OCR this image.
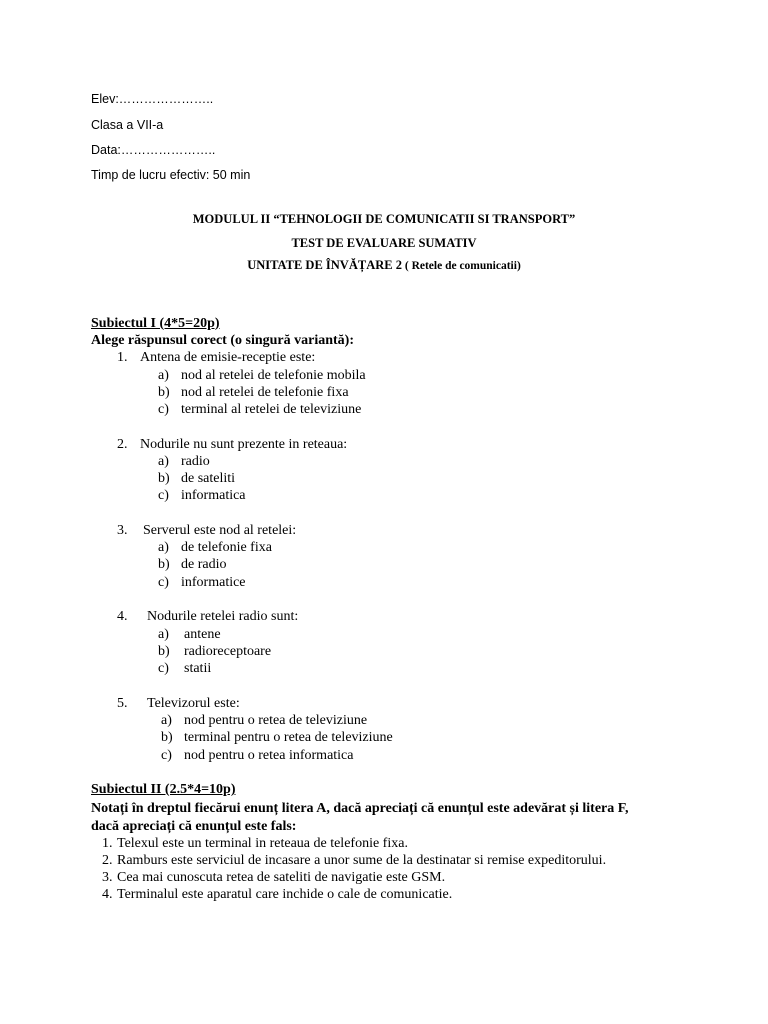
Elev:…………………..
Clasa a VII-a
Data:…………………..
Timp de lucru efectiv: 50 min
MODULUL II “TEHNOLOGII DE COMUNICATII SI TRANSPORT”
TEST DE EVALUARE SUMATIV
UNITATE DE ÎNVĂȚARE 2 ( Retele de comunicatii)
Subiectul I (4*5=20p)
Alege răspunsul corect (o singură variantă):
1. Antena de emisie-receptie este:
a) nod al retelei de telefonie mobila
b) nod al retelei de telefonie fixa
c) terminal al retelei de televiziune
2. Nodurile nu sunt prezente in reteaua:
a) radio
b) de sateliti
c) informatica
3. Serverul este nod al retelei:
a) de telefonie fixa
b) de radio
c) informatice
4. Nodurile retelei radio sunt:
a) antene
b) radioreceptoare
c) statii
5. Televizorul este:
a) nod pentru o retea de televiziune
b) terminal pentru o retea de televiziune
c) nod pentru o retea informatica
Subiectul II (2.5*4=10p)
Notați în dreptul fiecărui enunț litera A, dacă apreciați că enunțul este adevărat și litera F,
dacă apreciați că enunțul este fals:
1. Telexul este un terminal in reteaua de telefonie fixa.
2. Ramburs este serviciul de incasare a unor sume de la destinatar si remise expeditorului.
3. Cea mai cunoscuta retea de sateliti de navigatie este GSM.
4. Terminalul este aparatul care inchide o cale de comunicatie.
